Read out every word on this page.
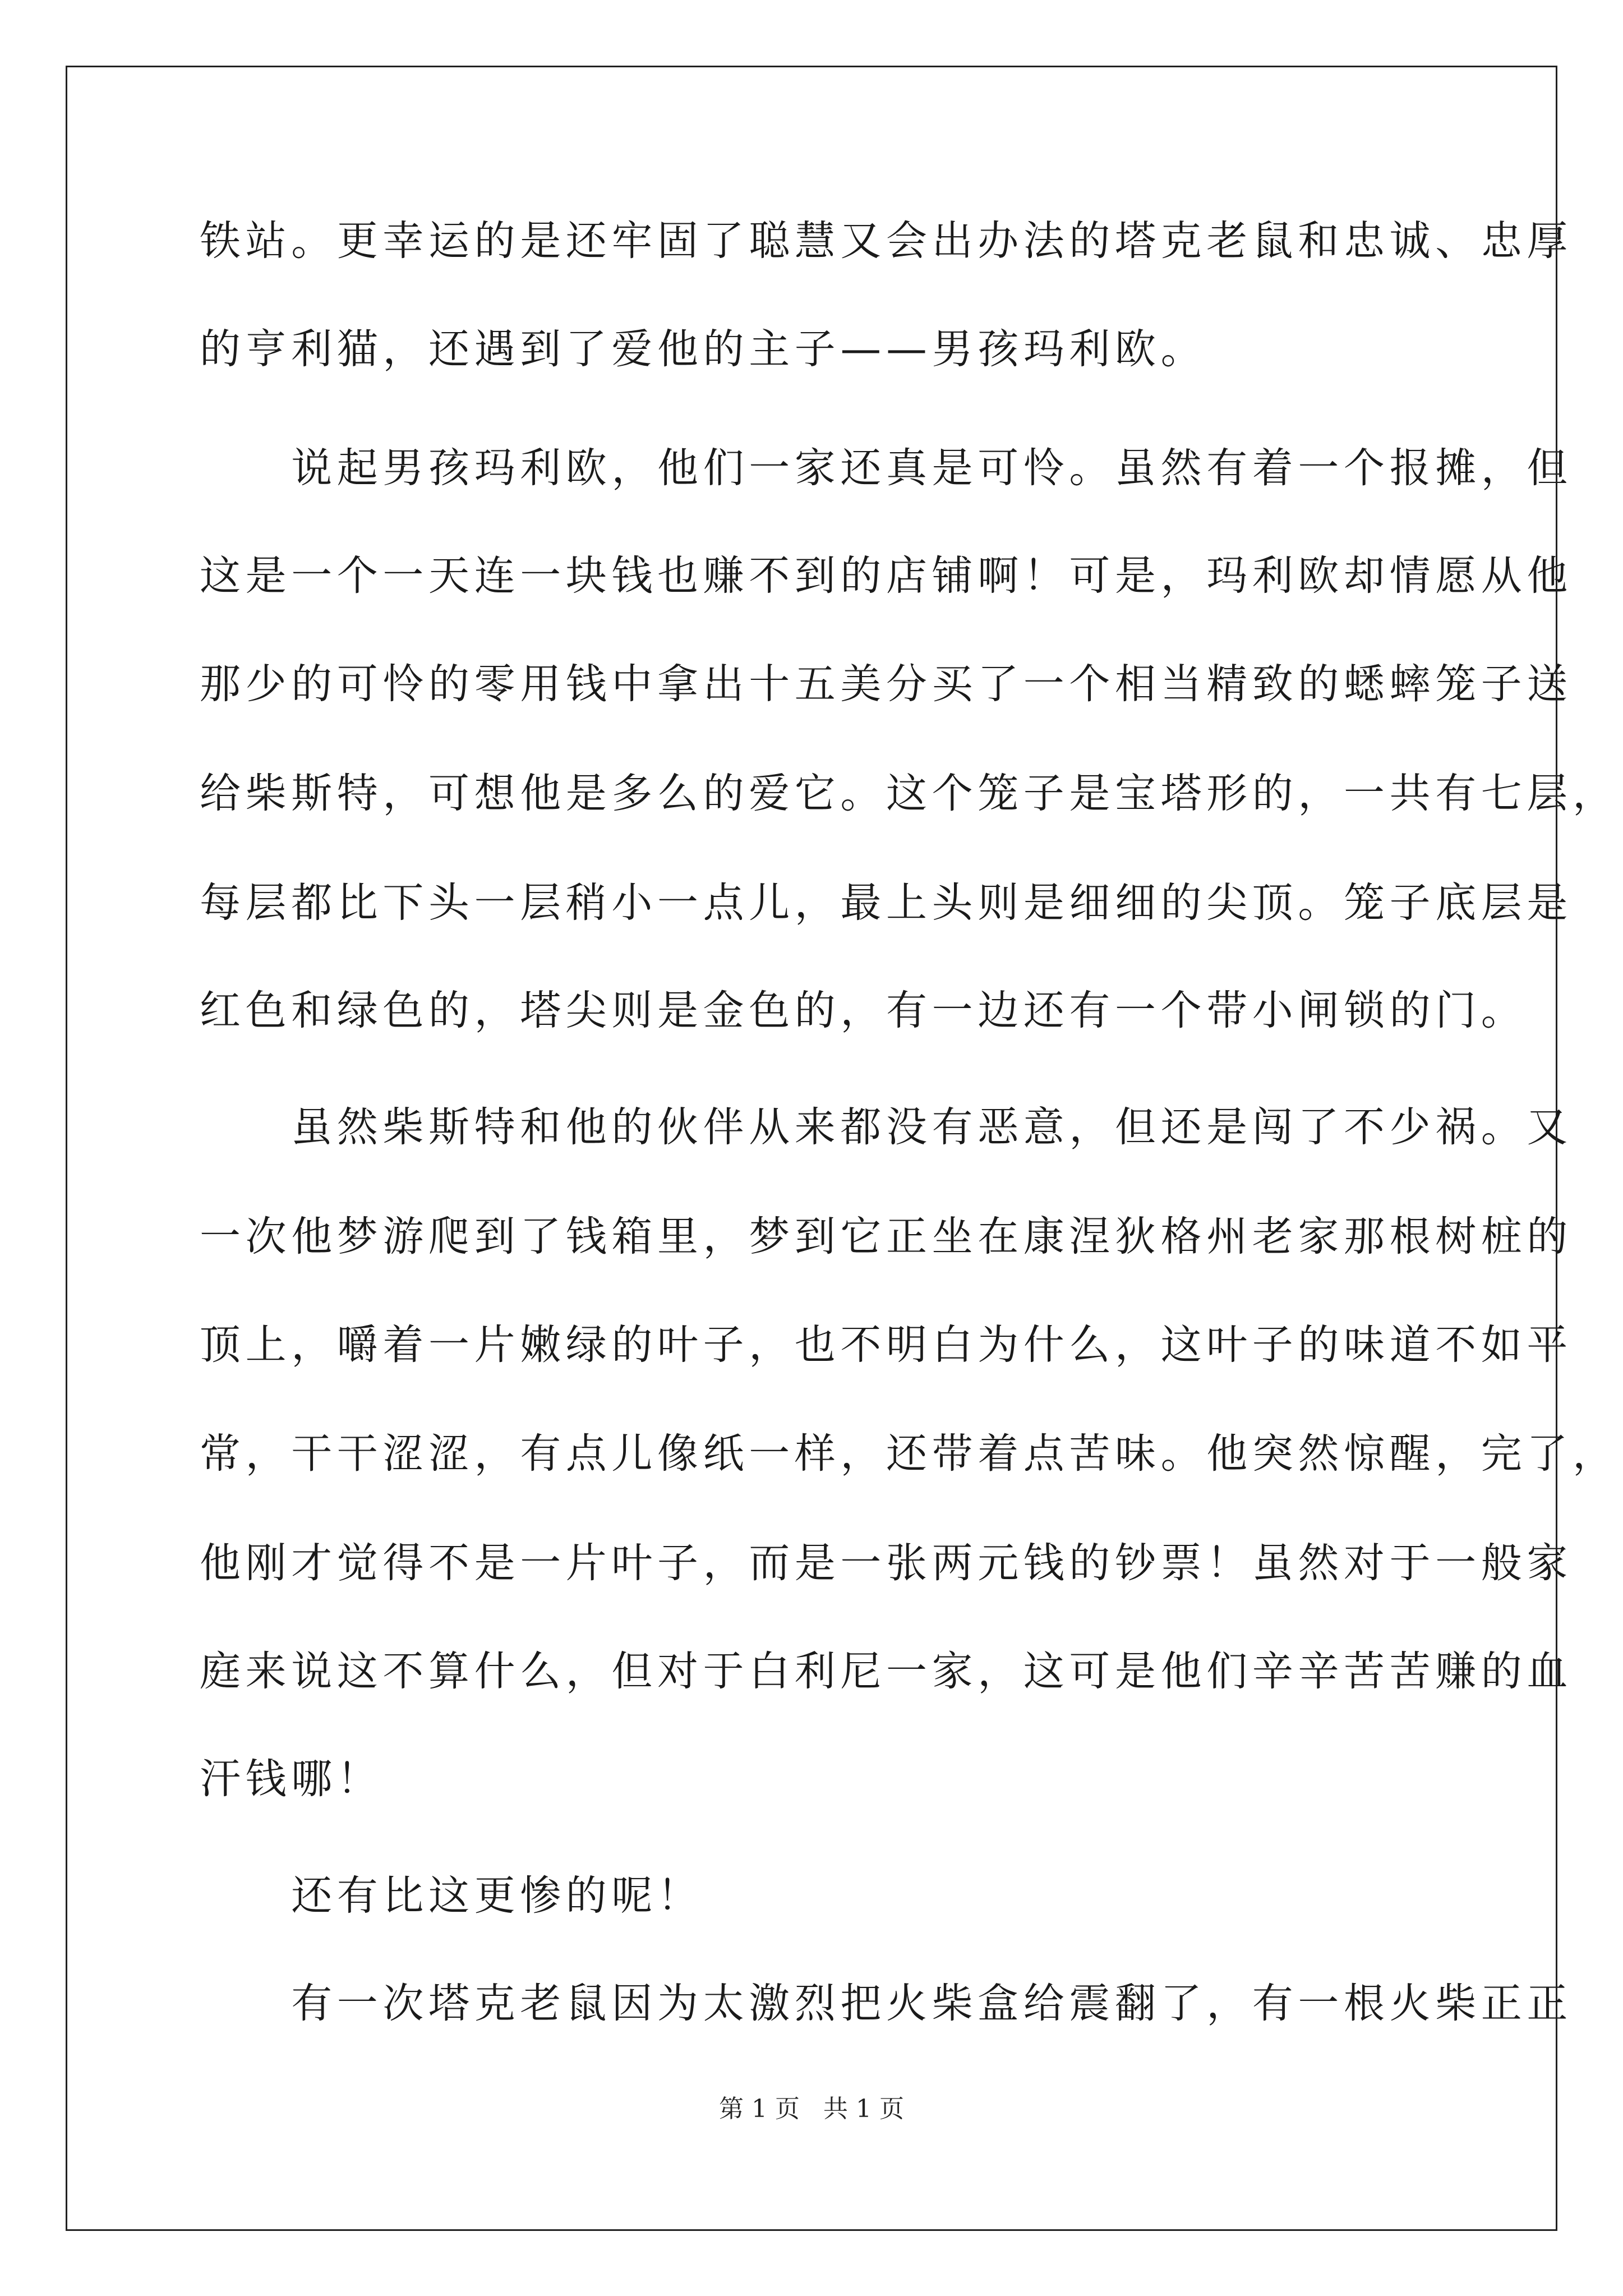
铁站。更幸运的是还牢固了聪慧又会出办法的塔克老鼠和忠诚、忠厚
的亨利猫，还遇到了爱他的主子——男孩玛利欧。
　　说起男孩玛利欧，他们一家还真是可怜。虽然有着一个报摊，但
这是一个一天连一块钱也赚不到的店铺啊！可是，玛利欧却情愿从他
那少的可怜的零用钱中拿出十五美分买了一个相当精致的蟋蟀笼子送
给柴斯特，可想他是多么的爱它。这个笼子是宝塔形的，一共有七层，
每层都比下头一层稍小一点儿，最上头则是细细的尖顶。笼子底层是
红色和绿色的，塔尖则是金色的，有一边还有一个带小闸锁的门。
　　虽然柴斯特和他的伙伴从来都没有恶意，但还是闯了不少祸。又
一次他梦游爬到了钱箱里，梦到它正坐在康涅狄格州老家那根树桩的
顶上，嚼着一片嫩绿的叶子，也不明白为什么，这叶子的味道不如平
常，干干涩涩，有点儿像纸一样，还带着点苦味。他突然惊醒，完了，
他刚才觉得不是一片叶子，而是一张两元钱的钞票！虽然对于一般家
庭来说这不算什么，但对于白利尼一家，这可是他们辛辛苦苦赚的血
汗钱哪！
　　还有比这更惨的呢！
　　有一次塔克老鼠因为太激烈把火柴盒给震翻了，有一根火柴正正
第 1 页 共 1 页
